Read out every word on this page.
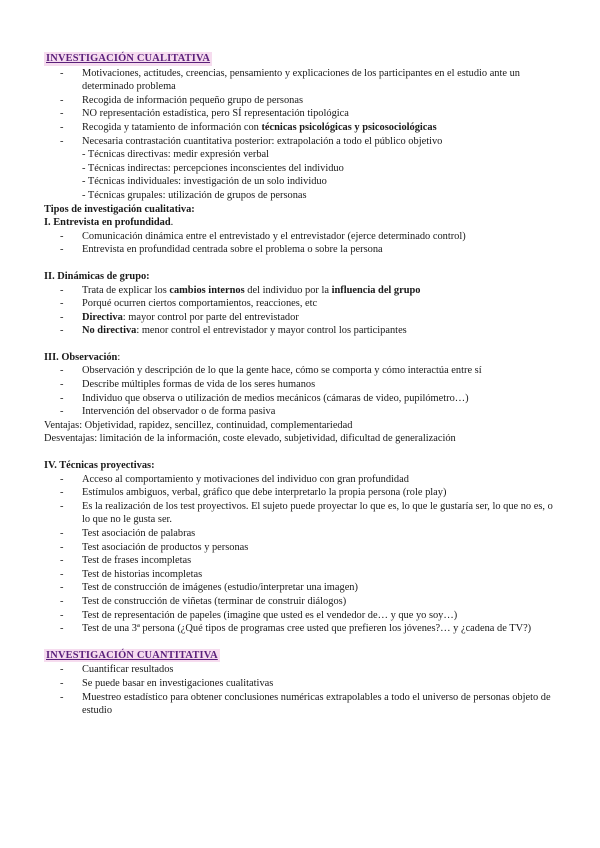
INVESTIGACIÓN CUALITATIVA
- Motivaciones, actitudes, creencias, pensamiento y explicaciones de los participantes en el estudio ante un determinado problema
- Recogida de información pequeño grupo de personas
- NO representación estadística, pero SÍ representación tipológica
- Recogida y tatamiento de información con técnicas psicológicas y psicosociológicas
- Necesaria contrastación cuantitativa posterior: extrapolación a todo el público objetivo
- Técnicas directivas: medir expresión verbal
- Técnicas indirectas: percepciones inconscientes del individuo
- Técnicas individuales: investigación de un solo individuo
- Técnicas grupales: utilización de grupos de personas
Tipos de investigación cualitativa:
I. Entrevista en profundidad.
- Comunicación dinámica entre el entrevistado y el entrevistador (ejerce determinado control)
- Entrevista en profundidad centrada sobre el problema o sobre la persona
II. Dinámicas de grupo:
- Trata de explicar los cambios internos del individuo por la influencia del grupo
- Porqué ocurren ciertos comportamientos, reacciones, etc
- Directiva: mayor control por parte del entrevistador
- No directiva: menor control el entrevistador y mayor control los participantes
III. Observación:
- Observación y descripción de lo que la gente hace, cómo se comporta y cómo interactúa entre sí
- Describe múltiples formas de vida de los seres humanos
- Individuo que observa o utilización de medios mecánicos (cámaras de video, pupilómetro…)
- Intervención del observador o de forma pasiva
Ventajas: Objetividad, rapidez, sencillez, continuidad, complementariedad
Desventajas: limitación de la información, coste elevado, subjetividad, dificultad de generalización
IV. Técnicas proyectivas:
- Acceso al comportamiento y motivaciones del individuo con gran profundidad
- Estímulos ambiguos, verbal, gráfico que debe interpretarlo la propia persona (role play)
- Es la realización de los test proyectivos. El sujeto puede proyectar lo que es, lo que le gustaría ser, lo que no es, o lo que no le gusta ser.
- Test asociación de palabras
- Test asociación de productos y personas
- Test de frases incompletas
- Test de historias incompletas
- Test de construcción de imágenes (estudio/interpretar una imagen)
- Test de construcción de viñetas (terminar de construir diálogos)
- Test de representación de papeles (imagine que usted es el vendedor de… y que yo soy…)
- Test de una 3ª persona (¿Qué tipos de programas cree usted que prefieren los jóvenes?… y ¿cadena de TV?)
INVESTIGACIÓN CUANTITATIVA
- Cuantificar resultados
- Se puede basar en investigaciones cualitativas
- Muestreo estadístico para obtener conclusiones numéricas extrapolables a todo el universo de personas objeto de estudio
